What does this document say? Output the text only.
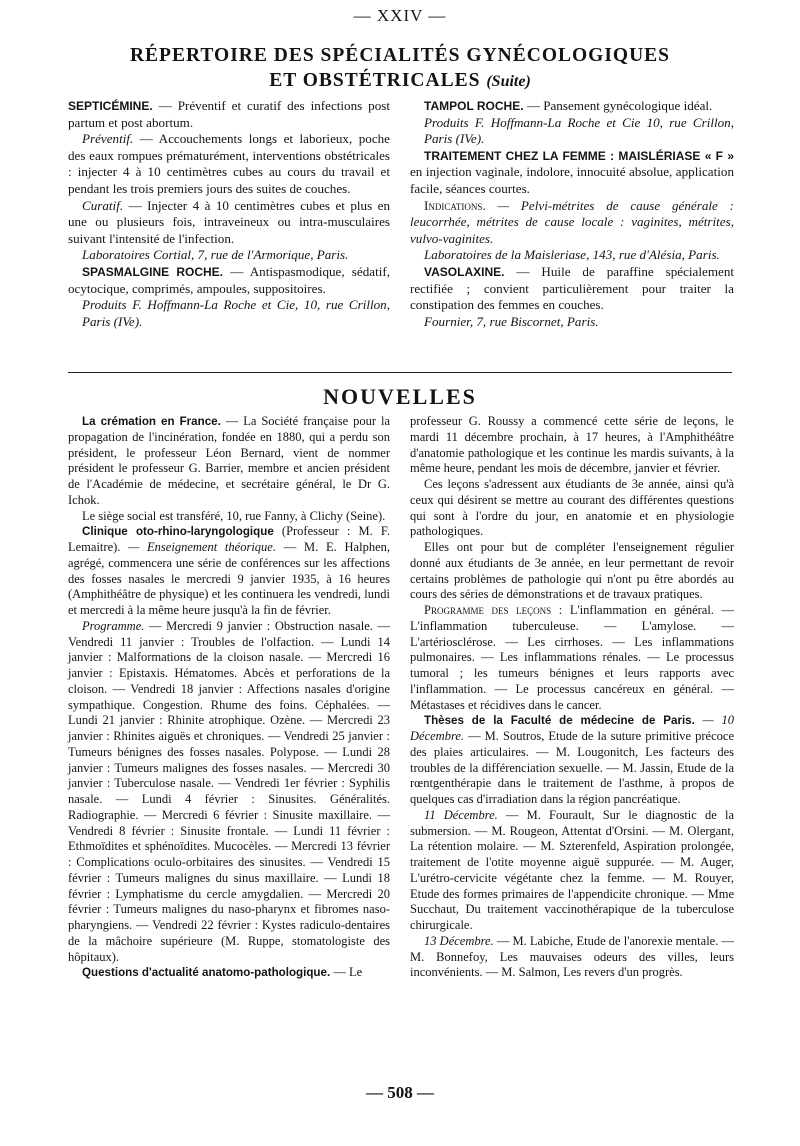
— XXIV —
RÉPERTOIRE DES SPÉCIALITÉS GYNÉCOLOGIQUES
ET OBSTÉTRICALES (Suite)

SEPTICÉMINE. — Préventif et curatif des infections post partum et post abortum.

Préventif. — Accouchements longs et laborieux, poche des eaux rompues prématurément, interventions obstétricales : injecter 4 à 10 centimètres cubes au cours du travail et pendant les trois premiers jours des suites de couches.

Curatif. — Injecter 4 à 10 centimètres cubes et plus en une ou plusieurs fois, intraveineux ou intra-musculaires suivant l'intensité de l'infection.

Laboratoires Cortial, 7, rue de l'Armorique, Paris.

SPASMALGINE ROCHE. — Antispasmodique, sédatif, ocytocique, comprimés, ampoules, suppositoires.

Produits F. Hoffmann-La Roche et Cie, 10, rue Crillon, Paris (IVe).

TAMPOL ROCHE. — Pansement gynécologique idéal.

Produits F. Hoffmann-La Roche et Cie 10, rue Crillon, Paris (IVe).

TRAITEMENT CHEZ LA FEMME : MAISLÉRIASE « F » en injection vaginale, indolore, innocuité absolue, application facile, séances courtes.

Indications. — Pelvi-métrites de cause générale : leucorrhée, métrites de cause locale : vaginites, métrites, vulvo-vaginites.

Laboratoires de la Maisleriase, 143, rue d'Alésia, Paris.

VASOLAXINE. — Huile de paraffine spécialement rectifiée ; convient particulièrement pour traiter la constipation des femmes en couches.

Fournier, 7, rue Biscornet, Paris.

NOUVELLES

La crémation en France. — La Société française pour la propagation de l'incinération, fondée en 1880, qui a perdu son président, le professeur Léon Bernard, vient de nommer président le professeur G. Barrier, membre et ancien président de l'Académie de médecine, et secrétaire général, le Dr G. Ichok.

Le siège social est transféré, 10, rue Fanny, à Clichy (Seine).

Clinique oto-rhino-laryngologique (Professeur : M. F. Lemaitre). — Enseignement théorique. — M. E. Halphen, agrégé, commencera une série de conférences sur les affections des fosses nasales le mercredi 9 janvier 1935, à 16 heures (Amphithéâtre de physique) et les continuera les vendredi, lundi et mercredi à la même heure jusqu'à la fin de février.

Programme. — Mercredi 9 janvier : Obstruction nasale. — Vendredi 11 janvier : Troubles de l'olfaction. — Lundi 14 janvier : Malformations de la cloison nasale. — Mercredi 16 janvier : Epistaxis. Hématomes. Abcès et perforations de la cloison. — Vendredi 18 janvier : Affections nasales d'origine sympathique. Congestion. Rhume des foins. Céphalées. — Lundi 21 janvier : Rhinite atrophique. Ozène. — Mercredi 23 janvier : Rhinites aiguës et chroniques. — Vendredi 25 janvier : Tumeurs bénignes des fosses nasales. Polypose. — Lundi 28 janvier : Tumeurs malignes des fosses nasales. — Mercredi 30 janvier : Tuberculose nasale. — Vendredi 1er février : Syphilis nasale. — Lundi 4 février : Sinusites. Généralités. Radiographie. — Mercredi 6 février : Sinusite maxillaire. — Vendredi 8 février : Sinusite frontale. — Lundi 11 février : Ethmoïdites et sphénoïdites. Mucocèles. — Mercredi 13 février : Complications oculo-orbitaires des sinusites. — Vendredi 15 février : Tumeurs malignes du sinus maxillaire. — Lundi 18 février : Lymphatisme du cercle amygdalien. — Mercredi 20 février : Tumeurs malignes du naso-pharynx et fibromes naso-pharyngiens. — Vendredi 22 février : Kystes radiculo-dentaires de la mâchoire supérieure (M. Ruppe, stomatologiste des hôpitaux).

Questions d'actualité anatomo-pathologique. — Le

professeur G. Roussy a commencé cette série de leçons, le mardi 11 décembre prochain, à 17 heures, à l'Amphithéâtre d'anatomie pathologique et les continue les mardis suivants, à la même heure, pendant les mois de décembre, janvier et février.

Ces leçons s'adressent aux étudiants de 3e année, ainsi qu'à ceux qui désirent se mettre au courant des différentes questions qui sont à l'ordre du jour, en anatomie et en physiologie pathologiques.

Elles ont pour but de compléter l'enseignement régulier donné aux étudiants de 3e année, en leur permettant de revoir certains problèmes de pathologie qui n'ont pu être abordés au cours des séries de démonstrations et de travaux pratiques.

Programme des leçons : L'inflammation en général. — L'inflammation tuberculeuse. — L'amylose. — L'artériosclérose. — Les cirrhoses. — Les inflammations pulmonaires. — Les inflammations rénales. — Le processus tumoral ; les tumeurs bénignes et leurs rapports avec l'inflammation. — Le processus cancéreux en général. — Métastases et récidives dans le cancer.

Thèses de la Faculté de médecine de Paris. — 10 Décembre. — M. Soutros, Etude de la suture primitive précoce des plaies articulaires. — M. Lougonitch, Les facteurs des troubles de la différenciation sexuelle. — M. Jassin, Etude de la rœntgenthérapie dans le traitement de l'asthme, à propos de quelques cas d'irradiation dans la région pancréatique.

11 Décembre. — M. Fourault, Sur le diagnostic de la submersion. — M. Rougeon, Attentat d'Orsini. — M. Olergant, La rétention molaire. — M. Szterenfeld, Aspiration prolongée, traitement de l'otite moyenne aiguë suppurée. — M. Auger, L'urétro-cervicite végétante chez la femme. — M. Rouyer, Etude des formes primaires de l'appendicite chronique. — Mme Succhaut, Du traitement vaccinothérapique de la tuberculose chirurgicale.

13 Décembre. — M. Labiche, Etude de l'anorexie mentale. — M. Bonnefoy, Les mauvaises odeurs des villes, leurs inconvénients. — M. Salmon, Les revers d'un progrès.

— 508 —
